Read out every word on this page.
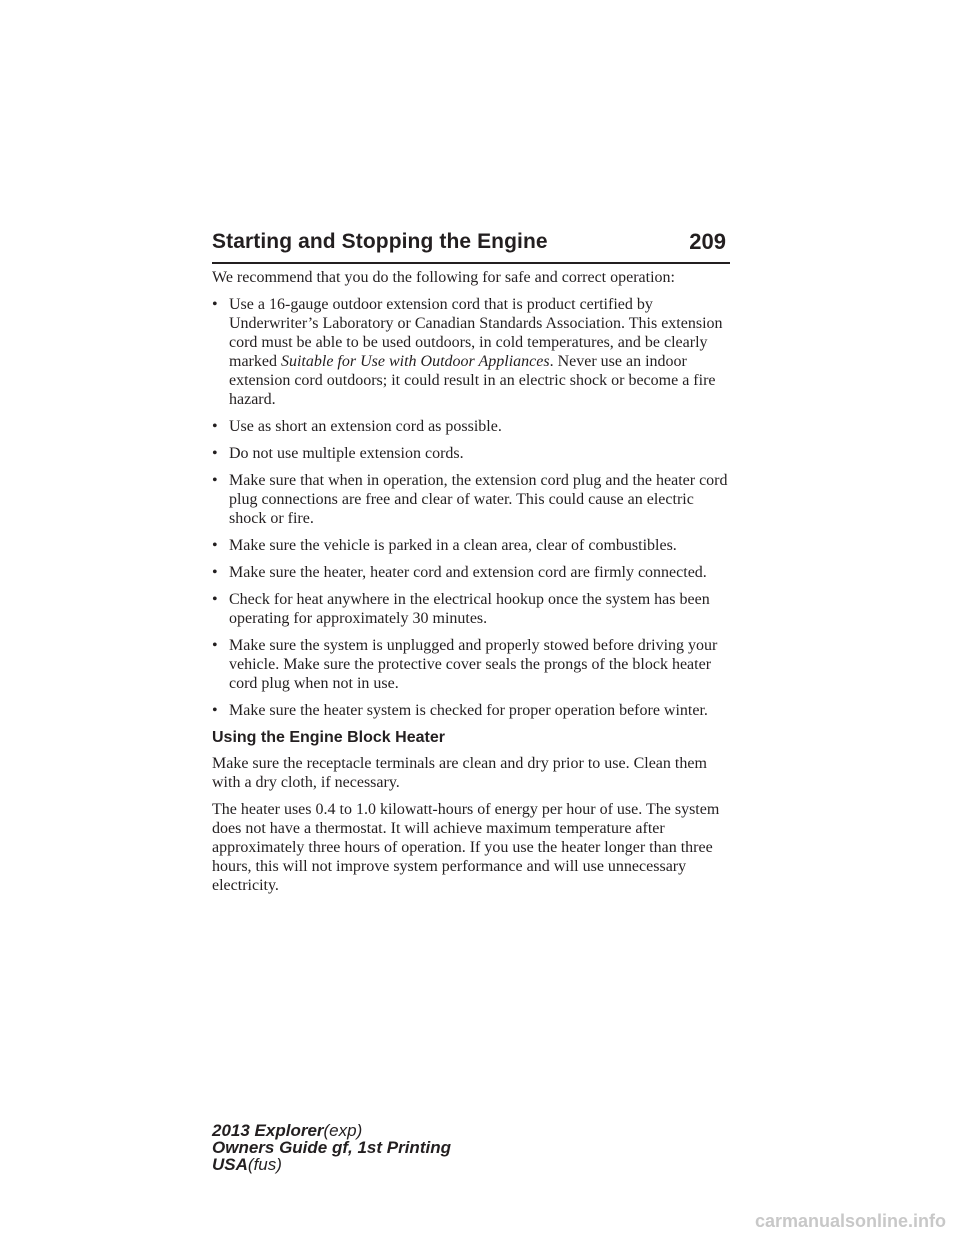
Starting and Stopping the Engine	209

We recommend that you do the following for safe and correct operation:

• Use a 16-gauge outdoor extension cord that is product certified by Underwriter’s Laboratory or Canadian Standards Association. This extension cord must be able to be used outdoors, in cold temperatures, and be clearly marked Suitable for Use with Outdoor Appliances. Never use an indoor extension cord outdoors; it could result in an electric shock or become a fire hazard.
• Use as short an extension cord as possible.
• Do not use multiple extension cords.
• Make sure that when in operation, the extension cord plug and the heater cord plug connections are free and clear of water. This could cause an electric shock or fire.
• Make sure the vehicle is parked in a clean area, clear of combustibles.
• Make sure the heater, heater cord and extension cord are firmly connected.
• Check for heat anywhere in the electrical hookup once the system has been operating for approximately 30 minutes.
• Make sure the system is unplugged and properly stowed before driving your vehicle. Make sure the protective cover seals the prongs of the block heater cord plug when not in use.
• Make sure the heater system is checked for proper operation before winter.
Using the Engine Block Heater

Make sure the receptacle terminals are clean and dry prior to use. Clean them with a dry cloth, if necessary.

The heater uses 0.4 to 1.0 kilowatt-hours of energy per hour of use. The system does not have a thermostat. It will achieve maximum temperature after approximately three hours of operation. If you use the heater longer than three hours, this will not improve system performance and will use unnecessary electricity.

2013 Explorer(exp)
Owners Guide gf, 1st Printing
USA(fus)
carmanualsonline.info
